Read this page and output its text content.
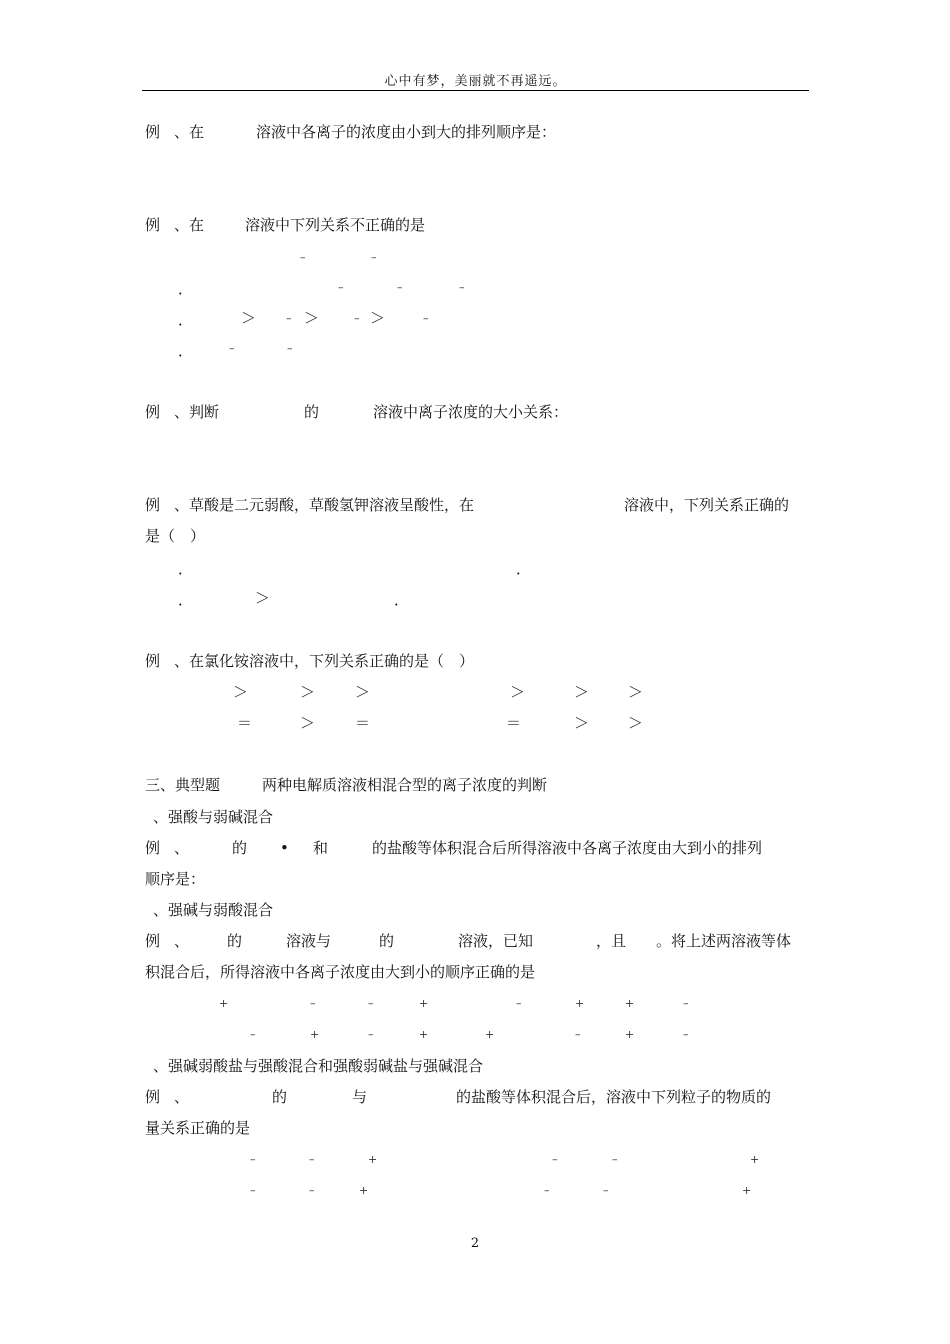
心中有梦，美丽就不再遥远。
例 、在	溶液中各离子的浓度由小到大的排列顺序是：
例 、在	溶液中下列关系不正确的是
–	–
．	–	–	–
．	＞	– ＞	– ＞	–
．	–	–
例 、判断	的	溶液中离子浓度的大小关系：
例 、草酸是二元弱酸，草酸氢钾溶液呈酸性，在	溶液中，下列关系正确的
是（　）
．	．
．	＞	．
例 、在氯化铵溶液中，下列关系正确的是（　）
＞	＞	＞	＞	＞	＞
＝	＞	＝	＝	＞	＞
三、典型题	两种电解质溶液相混合型的离子浓度的判断
、强酸与弱碱混合
例 、	的 • 和	的盐酸等体积混合后所得溶液中各离子浓度由大到小的排列
顺序是：
、强碱与弱酸混合
例 、	的	溶液与	的	溶液，已知	，且 。将上述两溶液等体
积混合后，所得溶液中各离子浓度由大到小的顺序正确的是
+	–	–	+	–	+	+	–
–	+	–	+	+	–	+	–
、强碱弱酸盐与强酸混合和强酸弱碱盐与强碱混合
例 、	的	与	的盐酸等体积混合后，溶液中下列粒子的物质的
量关系正确的是
–	–	+	–	–	+
–	–	+	–	–	+
2
